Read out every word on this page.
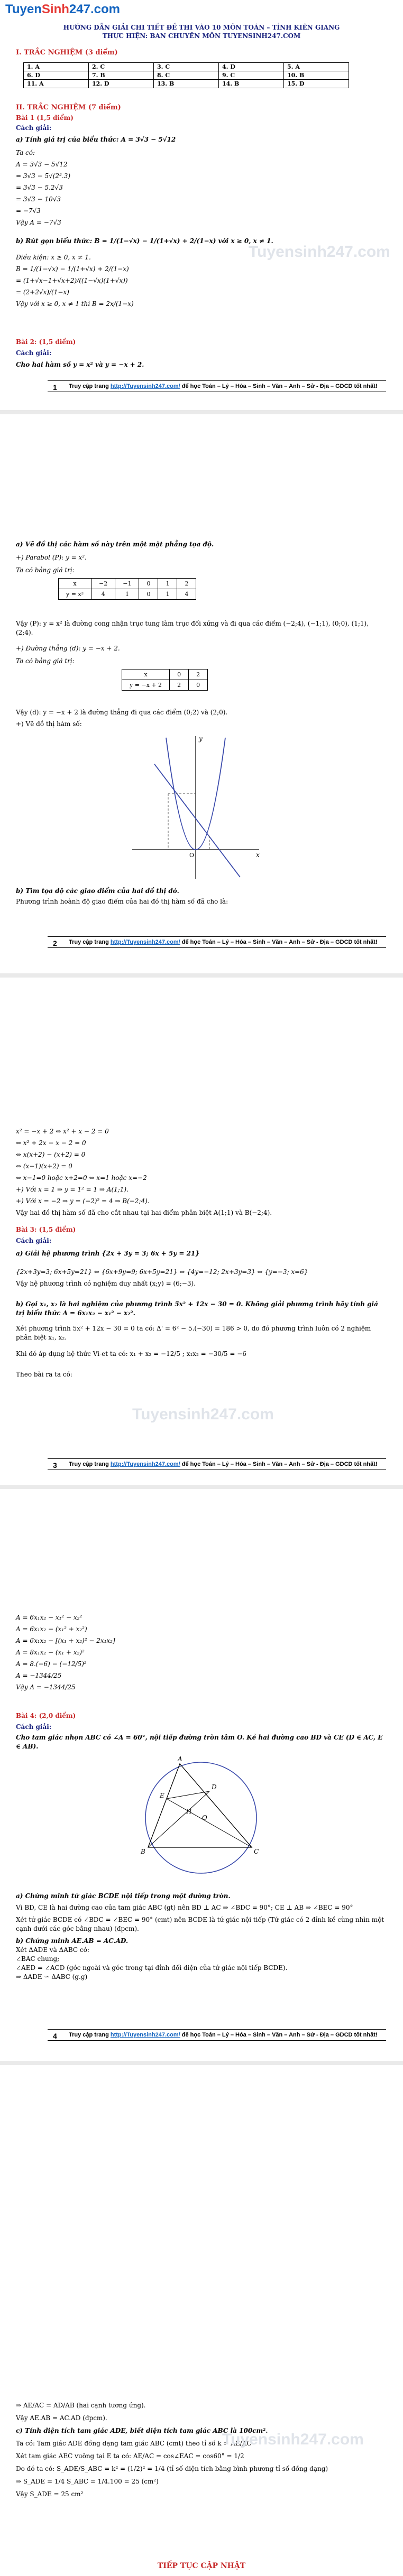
TuyenSinh247.com
HƯỚNG DẪN GIẢI CHI TIẾT ĐỀ THI VÀO 10 MÔN TOÁN – TỈNH KIÊN GIANG
THỰC HIỆN: BAN CHUYÊN MÔN TUYENSINH247.COM
I. TRẮC NGHIỆM (3 điểm)
1. A	2. C	3. C	4. D	5. A
6. D	7. B	8. C	9. C	10. B
11. A	12. D	13. B	14. B	15. D
II. TRẮC NGHIỆM (7 điểm)
Bài 1 (1,5 điểm)
Cách giải:
a) Tính giá trị của biểu thức: A = 3√3 − 5√12
Ta có:
A = 3√3 − 5√12
= 3√3 − 5√(2².3)
= 3√3 − 5.2√3
= 3√3 − 10√3
= −7√3
Vậy A = −7√3
b) Rút gọn biểu thức: B = 1/(1−√x) − 1/(1+√x) + 2/(1−x) với x ≥ 0, x ≠ 1.
Điều kiện: x ≥ 0, x ≠ 1.
B = 1/(1−√x) − 1/(1+√x) + 2/(1−x)
= (1+√x−1+√x+2)/((1−√x)(1+√x))
= (2+2√x)/(1−x)
Vậy với x ≥ 0, x ≠ 1 thì B = 2x/(1−x)
Bài 2: (1,5 điểm)
Cách giải:
Cho hai hàm số y = x² và y = −x + 2.
Tuyensinh247.com
1 Truy cập trang http://Tuyensinh247.com/ để học Toán – Lý – Hóa – Sinh – Văn – Anh – Sử - Địa – GDCD tốt nhất!
a) Vẽ đồ thị các hàm số này trên một mặt phẳng tọa độ.
+) Parabol (P): y = x².
Ta có bảng giá trị:
x	−2	−1	0	1	2
y = x²	4	1	0	1	4
Vậy (P): y = x² là đường cong nhận trục tung làm trục đối xứng và đi qua các điểm (−2;4), (−1;1), (0;0), (1;1), (2;4).
+) Đường thẳng (d): y = −x + 2.
Ta có bảng giá trị:
x	0	2
y = −x + 2	2	0
Vậy (d): y = −x + 2 là đường thẳng đi qua các điểm (0;2) và (2;0).
+) Vẽ đồ thị hàm số:
x
y
O
b) Tìm tọa độ các giao điểm của hai đồ thị đó.
Phương trình hoành độ giao điểm của hai đồ thị hàm số đã cho là:
2 Truy cập trang http://Tuyensinh247.com/ để học Toán – Lý – Hóa – Sinh – Văn – Anh – Sử - Địa – GDCD tốt nhất!
x² = −x + 2 ⇔ x² + x − 2 = 0
⇔ x² + 2x − x − 2 = 0
⇔ x(x+2) − (x+2) = 0
⇔ (x−1)(x+2) = 0
⇔ x−1=0 hoặc x+2=0 ⇔ x=1 hoặc x=−2
+) Với x = 1 ⇒ y = 1² = 1 ⇒ A(1;1).
+) Với x = −2 ⇒ y = (−2)² = 4 ⇒ B(−2;4).
Vậy hai đồ thị hàm số đã cho cắt nhau tại hai điểm phân biệt A(1;1) và B(−2;4).
Bài 3: (1,5 điểm)
Cách giải:
a) Giải hệ phương trình {2x + 3y = 3; 6x + 5y = 21}
{2x+3y=3; 6x+5y=21} ⇔ {6x+9y=9; 6x+5y=21} ⇔ {4y=−12; 2x+3y=3} ⇔ {y=−3; x=6}
Vậy hệ phương trình có nghiệm duy nhất (x;y) = (6;−3).
b) Gọi x₁, x₂ là hai nghiệm của phương trình 5x² + 12x − 30 = 0. Không giải phương trình hãy tính giá trị biểu thức A = 6x₁x₂ − x₁² − x₂².
Xét phương trình 5x² + 12x − 30 = 0 ta có: Δ' = 6² − 5.(−30) = 186 > 0, do đó phương trình luôn có 2 nghiệm phân biệt x₁, x₂.
Khi đó áp dụng hệ thức Vi-et ta có: x₁ + x₂ = −12/5 ; x₁x₂ = −30/5 = −6
Theo bài ra ta có:
Tuyensinh247.com
3 Truy cập trang http://Tuyensinh247.com/ để học Toán – Lý – Hóa – Sinh – Văn – Anh – Sử - Địa – GDCD tốt nhất!
A = 6x₁x₂ − x₁² − x₂²
A = 6x₁x₂ − (x₁² + x₂²)
A = 6x₁x₂ − [(x₁ + x₂)² − 2x₁x₂]
A = 8x₁x₂ − (x₁ + x₂)²
A = 8.(−6) − (−12/5)²
A = −1344/25
Vậy A = −1344/25
Bài 4: (2,0 điểm)
Cách giải:
Cho tam giác nhọn ABC có ∠A = 60°, nội tiếp đường tròn tâm O. Kẻ hai đường cao BD và CE (D ∈ AC, E ∈ AB).
A
B	C
D
E
O
H
a) Chứng minh tứ giác BCDE nội tiếp trong một đường tròn.
Vì BD, CE là hai đường cao của tam giác ABC (gt) nên BD ⊥ AC ⇒ ∠BDC = 90°; CE ⊥ AB ⇒ ∠BEC = 90°
Xét tứ giác BCDE có ∠BDC = ∠BEC = 90° (cmt) nên BCDE là tứ giác nội tiếp (Tứ giác có 2 đỉnh kề cùng nhìn một cạnh dưới các góc bằng nhau) (đpcm).
b) Chứng minh AE.AB = AC.AD.
Xét ΔADE và ΔABC có:
∠BAC chung;
∠AED = ∠ACD (góc ngoài và góc trong tại đỉnh đối diện của tứ giác nội tiếp BCDE).
⇒ ΔADE ∽ ΔABC (g.g)
4 Truy cập trang http://Tuyensinh247.com/ để học Toán – Lý – Hóa – Sinh – Văn – Anh – Sử - Địa – GDCD tốt nhất!
⇒ AE/AC = AD/AB (hai cạnh tương ứng).
Vậy AE.AB = AC.AD (đpcm).
c) Tính diện tích tam giác ADE, biết diện tích tam giác ABC là 100cm².
Ta có: Tam giác ADE đồng dạng tam giác ABC (cmt) theo tỉ số k = AE/AC
Xét tam giác AEC vuông tại E ta có: AE/AC = cos∠EAC = cos60° = 1/2
Do đó ta có: S_ADE/S_ABC = k² = (1/2)² = 1/4 (tỉ số diện tích bằng bình phương tỉ số đồng dạng)
⇒ S_ADE = 1/4 S_ABC = 1/4.100 = 25 (cm²)
Vậy S_ADE = 25 cm²
Tuyensinh247.com
TIẾP TỤC CẬP NHẬT
